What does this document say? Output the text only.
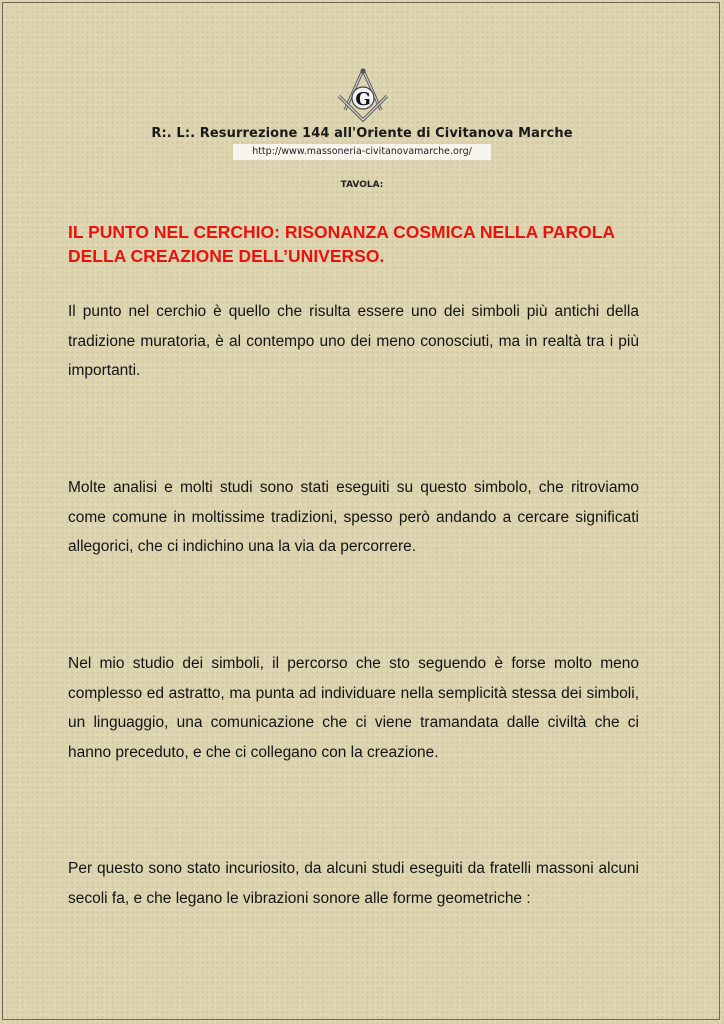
G
R:. L:. Resurrezione 144 all'Oriente di Civitanova Marche
http://www.massoneria-civitanovamarche.org/
TAVOLA:
IL PUNTO NEL CERCHIO: RISONANZA COSMICA NELLA PAROLA DELLA CREAZIONE DELL’UNIVERSO.

Il punto nel cerchio è quello che risulta essere uno dei simboli più antichi della tradizione muratoria, è al contempo uno dei meno conosciuti, ma in realtà tra i più importanti.

Molte analisi e molti studi sono stati eseguiti su questo simbolo, che ritroviamo come comune in moltissime tradizioni, spesso però andando a cercare significati allegorici, che ci indichino una la via da percorrere.

Nel mio studio dei simboli, il percorso che sto seguendo è forse molto meno complesso ed astratto, ma punta ad individuare nella semplicità stessa dei simboli, un linguaggio, una comunicazione che ci viene tramandata dalle civiltà che ci hanno preceduto, e che ci collegano con la creazione.

Per questo sono stato incuriosito, da alcuni studi eseguiti da fratelli massoni alcuni secoli fa, e che legano le vibrazioni sonore alle forme geometriche :
